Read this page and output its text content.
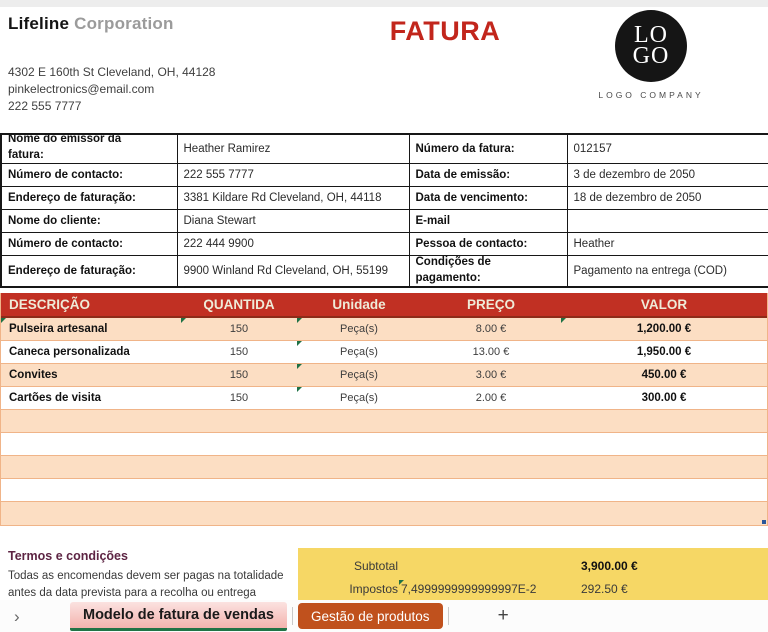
Lifeline Corporation
4302 E 160th St Cleveland, OH, 44128
pinkelectronics@email.com
222 555 7777
FATURA	LO
GO
LOGO COMPANY
Nome do emissor da fatura:	Heather Ramirez	Número da fatura:	012157
Número de contacto:	222 555 7777	Data de emissão:	3 de dezembro de 2050
Endereço de faturação:	3381 Kildare Rd Cleveland, OH, 44118	Data de vencimento:	18 de dezembro de 2050
Nome do cliente:	Diana Stewart	E-mail	
Número de contacto:	222 444 9900	Pessoa de contacto:	Heather
Endereço de faturação:	9900 Winland Rd Cleveland, OH, 55199	Condições de pagamento:	Pagamento na entrega (COD)
DESCRIÇÃO	QUANTIDA	Unidade	PREÇO	VALOR
Pulseira artesanal	150	Peça(s)	8.00 €	1,200.00 €
Caneca personalizada	150	Peça(s)	13.00 €	1,950.00 €
Convites	150	Peça(s)	3.00 €	450.00 €
Cartões de visita	150	Peça(s)	2.00 €	300.00 €
Termos e condições
Todas as encomendas devem ser pagas na totalidade
antes da data prevista para a recolha ou entrega
Subtotal	3,900.00 €
Impostos 7,4999999999999997E-2	292.50 €
›	Modelo de fatura de vendas	Gestão de produtos	+
